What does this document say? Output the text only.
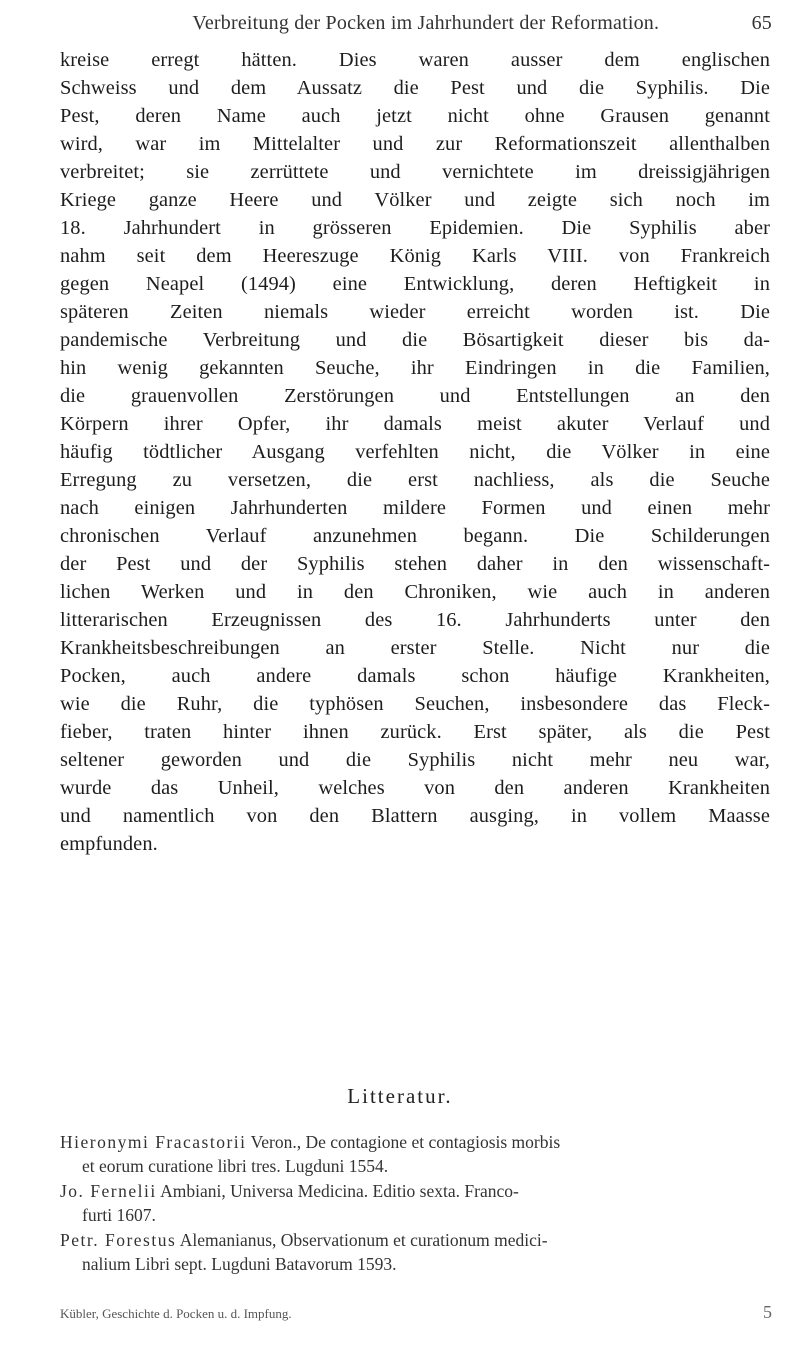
Verbreitung der Pocken im Jahrhundert der Reformation.	65
kreise erregt hätten. Dies waren ausser dem englischen
Schweiss und dem Aussatz die Pest und die Syphilis. Die
Pest, deren Name auch jetzt nicht ohne Grausen genannt
wird, war im Mittelalter und zur Reformationszeit allenthalben
verbreitet; sie zerrüttete und vernichtete im dreissigjährigen
Kriege ganze Heere und Völker und zeigte sich noch im
18. Jahrhundert in grösseren Epidemien. Die Syphilis aber
nahm seit dem Heereszuge König Karls VIII. von Frankreich
gegen Neapel (1494) eine Entwicklung, deren Heftigkeit in
späteren Zeiten niemals wieder erreicht worden ist. Die
pandemische Verbreitung und die Bösartigkeit dieser bis da-
hin wenig gekannten Seuche, ihr Eindringen in die Familien,
die grauenvollen Zerstörungen und Entstellungen an den
Körpern ihrer Opfer, ihr damals meist akuter Verlauf und
häufig tödtlicher Ausgang verfehlten nicht, die Völker in eine
Erregung zu versetzen, die erst nachliess, als die Seuche
nach einigen Jahrhunderten mildere Formen und einen mehr
chronischen Verlauf anzunehmen begann. Die Schilderungen
der Pest und der Syphilis stehen daher in den wissenschaft-
lichen Werken und in den Chroniken, wie auch in anderen
litterarischen Erzeugnissen des 16. Jahrhunderts unter den
Krankheitsbeschreibungen an erster Stelle. Nicht nur die
Pocken, auch andere damals schon häufige Krankheiten,
wie die Ruhr, die typhösen Seuchen, insbesondere das Fleck-
fieber, traten hinter ihnen zurück. Erst später, als die Pest
seltener geworden und die Syphilis nicht mehr neu war,
wurde das Unheil, welches von den anderen Krankheiten
und namentlich von den Blattern ausging, in vollem Maasse
empfunden.
Litteratur.
Hieronymi Fracastorii Veron., De contagione et contagiosis morbis
et eorum curatione libri tres. Lugduni 1554.
Jo. Fernelii Ambiani, Universa Medicina. Editio sexta. Franco-
furti 1607.
Petr. Forestus Alemanianus, Observationum et curationum medici-
nalium Libri sept. Lugduni Batavorum 1593.
Kübler, Geschichte d. Pocken u. d. Impfung.	5
